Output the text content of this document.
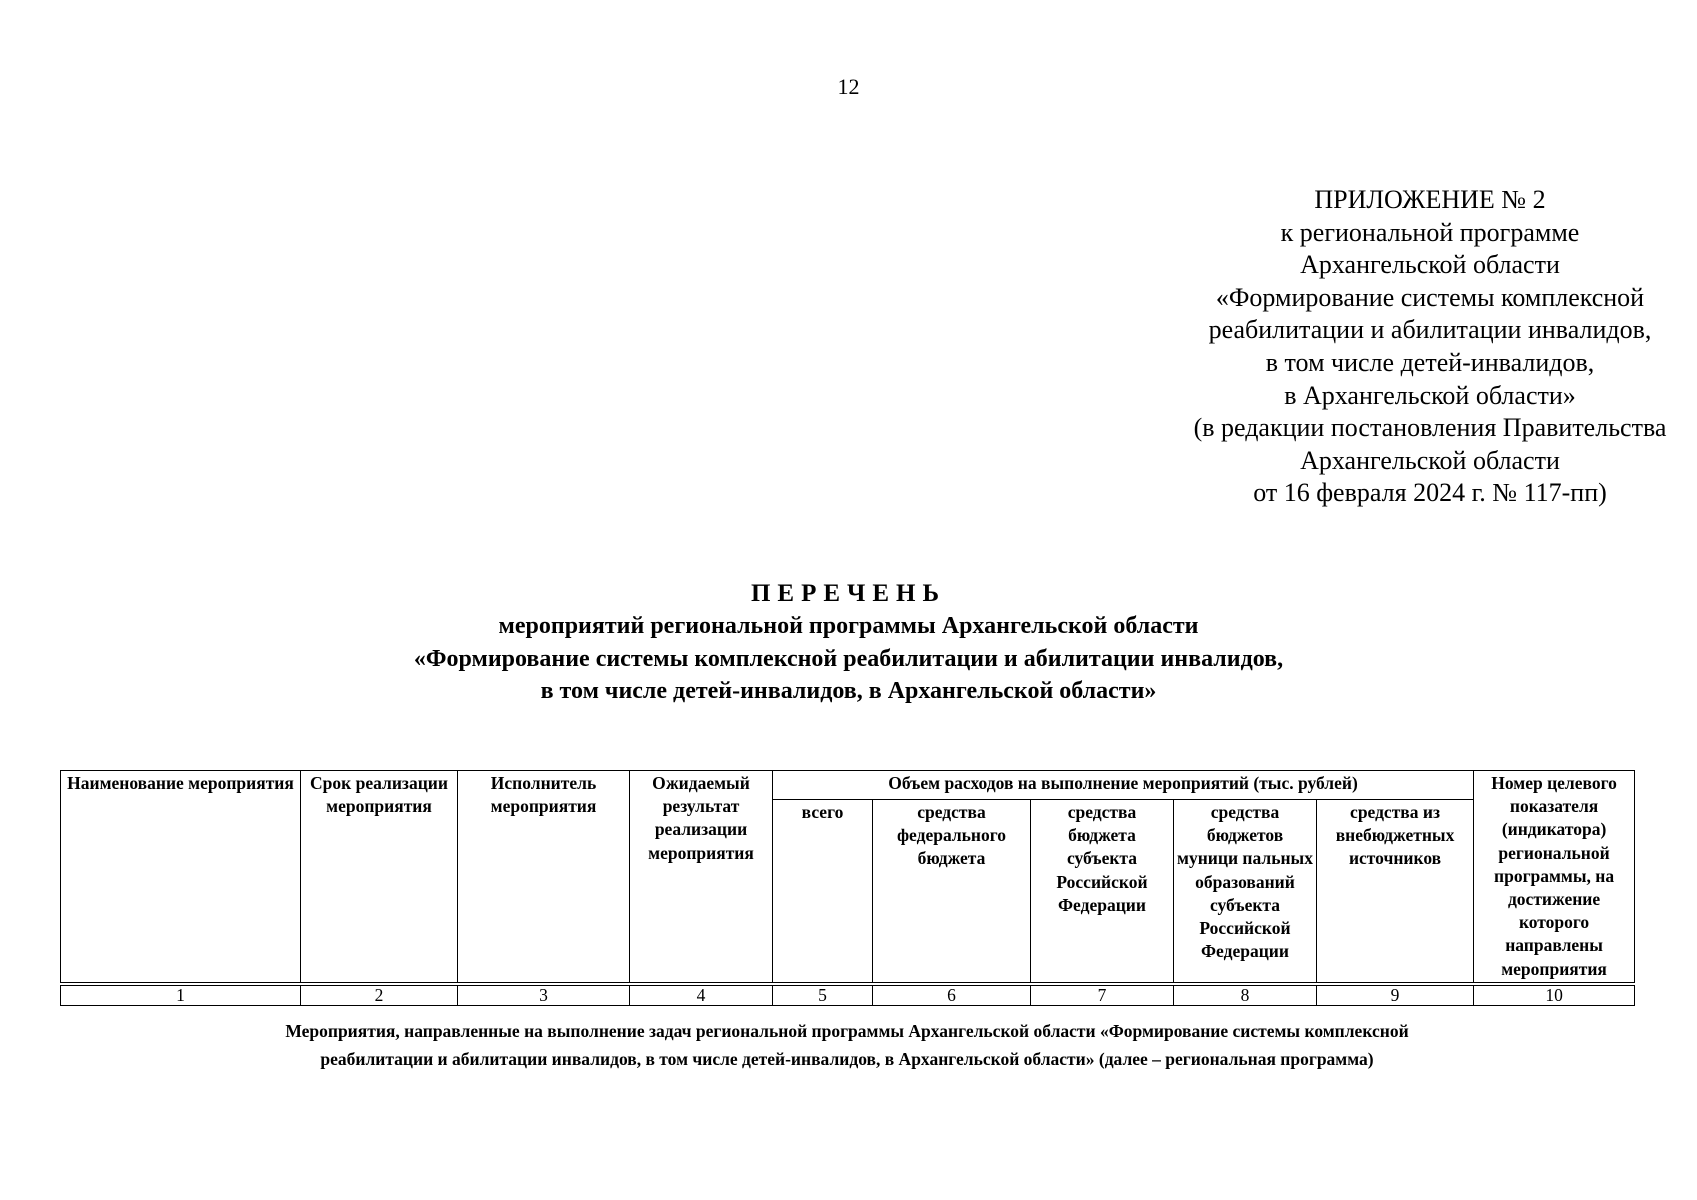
12
ПРИЛОЖЕНИЕ № 2
к региональной программе
Архангельской области
«Формирование системы комплексной
реабилитации и абилитации инвалидов,
в том числе детей-инвалидов,
в Архангельской области»
(в редакции постановления Правительства
Архангельской области
от 16 февраля 2024 г. № 117-пп)
ПЕРЕЧЕНЬ
мероприятий региональной программы Архангельской области
«Формирование системы комплексной реабилитации и абилитации инвалидов,
в том числе детей-инвалидов, в Архангельской области»
Наименование мероприятия	Срок реализации мероприятия	Исполнитель мероприятия	Ожидаемый результат реализации мероприятия	Объем расходов на выполнение мероприятий (тыс. рублей)					Номер целевого показателя (индикатора) региональной программы, на достижение которого направлены мероприятия
				всего	средства федерального бюджета	средства бюджета субъекта Российской Федерации	средства бюджетов муници пальных образований субъекта Российской Федерации	средства из внебюджетных источников	
1	2	3	4	5	6	7	8	9	10
Мероприятия, направленные на выполнение задач региональной программы Архангельской области «Формирование системы комплексной
реабилитации и абилитации инвалидов, в том числе детей-инвалидов, в Архангельской области» (далее – региональная программа)
